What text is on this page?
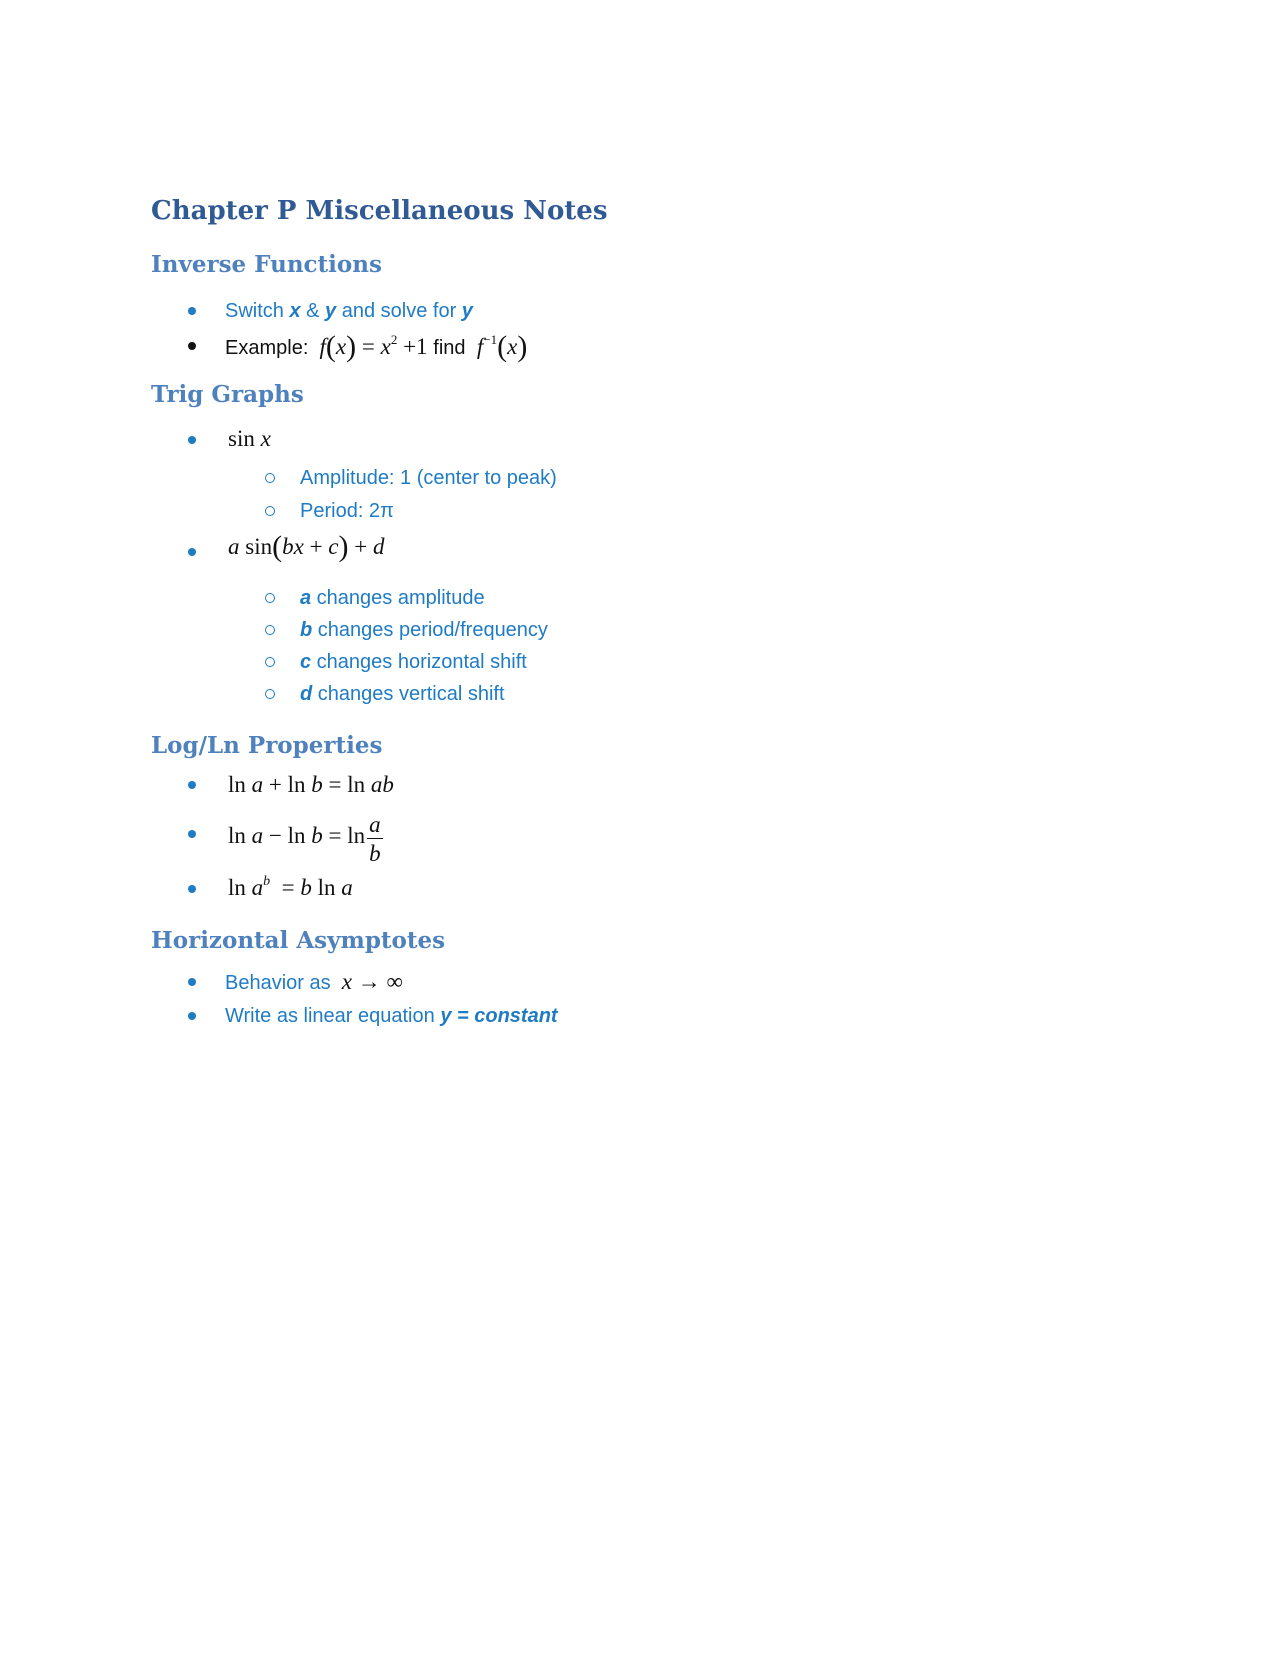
Chapter P Miscellaneous Notes
Inverse Functions
Switch x & y and solve for y
Example: $f(x) = x^2 +1$ find  $f^{-1}(x)$
Trig Graphs
sin x
Amplitude: 1 (center to peak)
Period: 2π
a sin(bx + c) + d
a changes amplitude
b changes period/frequency
c changes horizontal shift
d changes vertical shift
Log/Ln Properties
ln a + ln b = ln ab
$\ln a - \ln b = \ln \frac{a}{b}$
$\ln a^b = b$ ln a
Horizontal Asymptotes
Behavior as x → ∞
Write as linear equation y = constant
